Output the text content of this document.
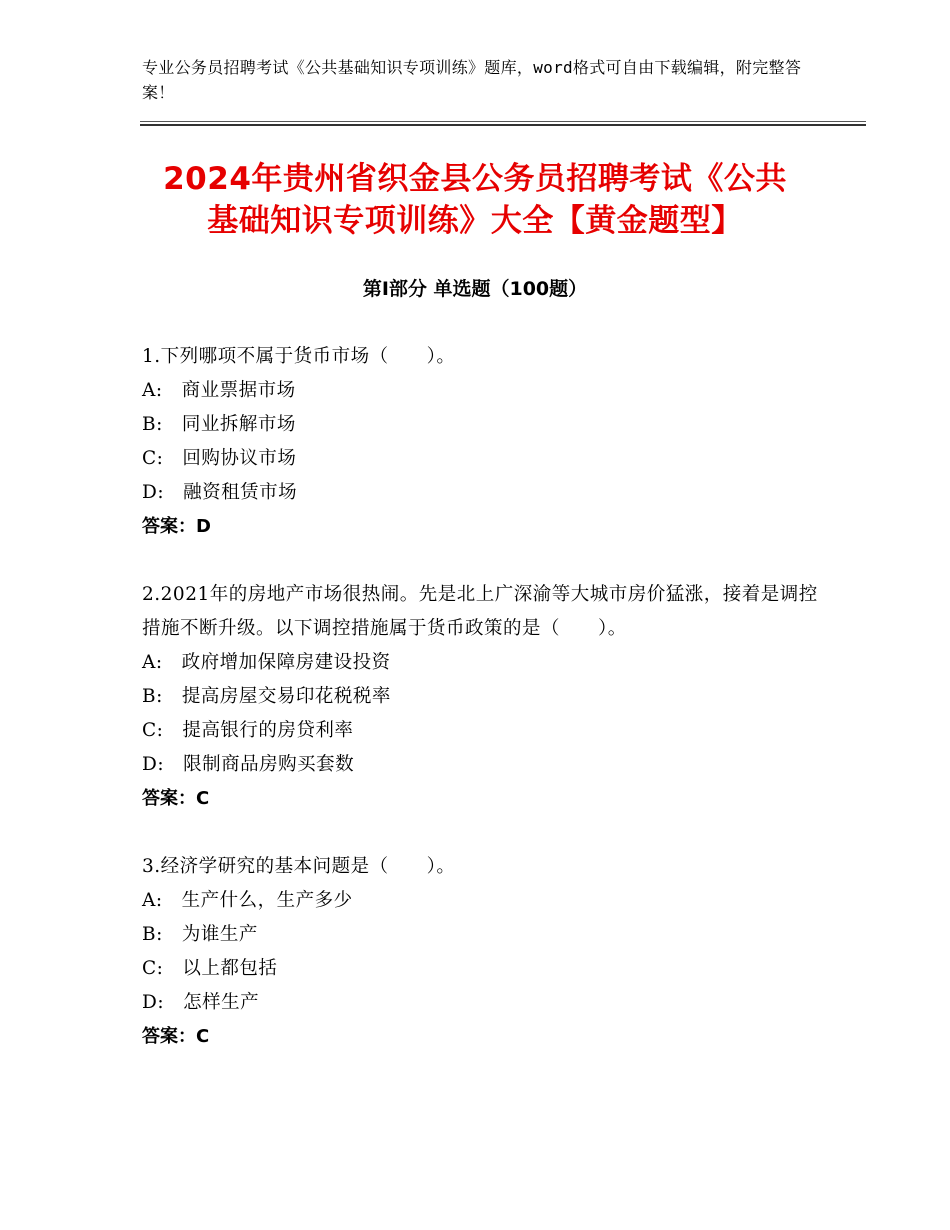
专业公务员招聘考试《公共基础知识专项训练》题库，word格式可自由下载编辑，附完整答案！
2024年贵州省织金县公务员招聘考试《公共
基础知识专项训练》大全【黄金题型】
第Ⅰ部分 单选题（100题）
1.下列哪项不属于货币市场（　　）。
A:　商业票据市场
B:　同业拆解市场
C:　回购协议市场
D:　融资租赁市场
答案：D
2.2021年的房地产市场很热闹。先是北上广深渝等大城市房价猛涨，接着是调控措施不断升级。以下调控措施属于货币政策的是（　　）。
A:　政府增加保障房建设投资
B:　提高房屋交易印花税税率
C:　提高银行的房贷利率
D:　限制商品房购买套数
答案：C
3.经济学研究的基本问题是（　　）。
A:　生产什么，生产多少
B:　为谁生产
C:　以上都包括
D:　怎样生产
答案：C
